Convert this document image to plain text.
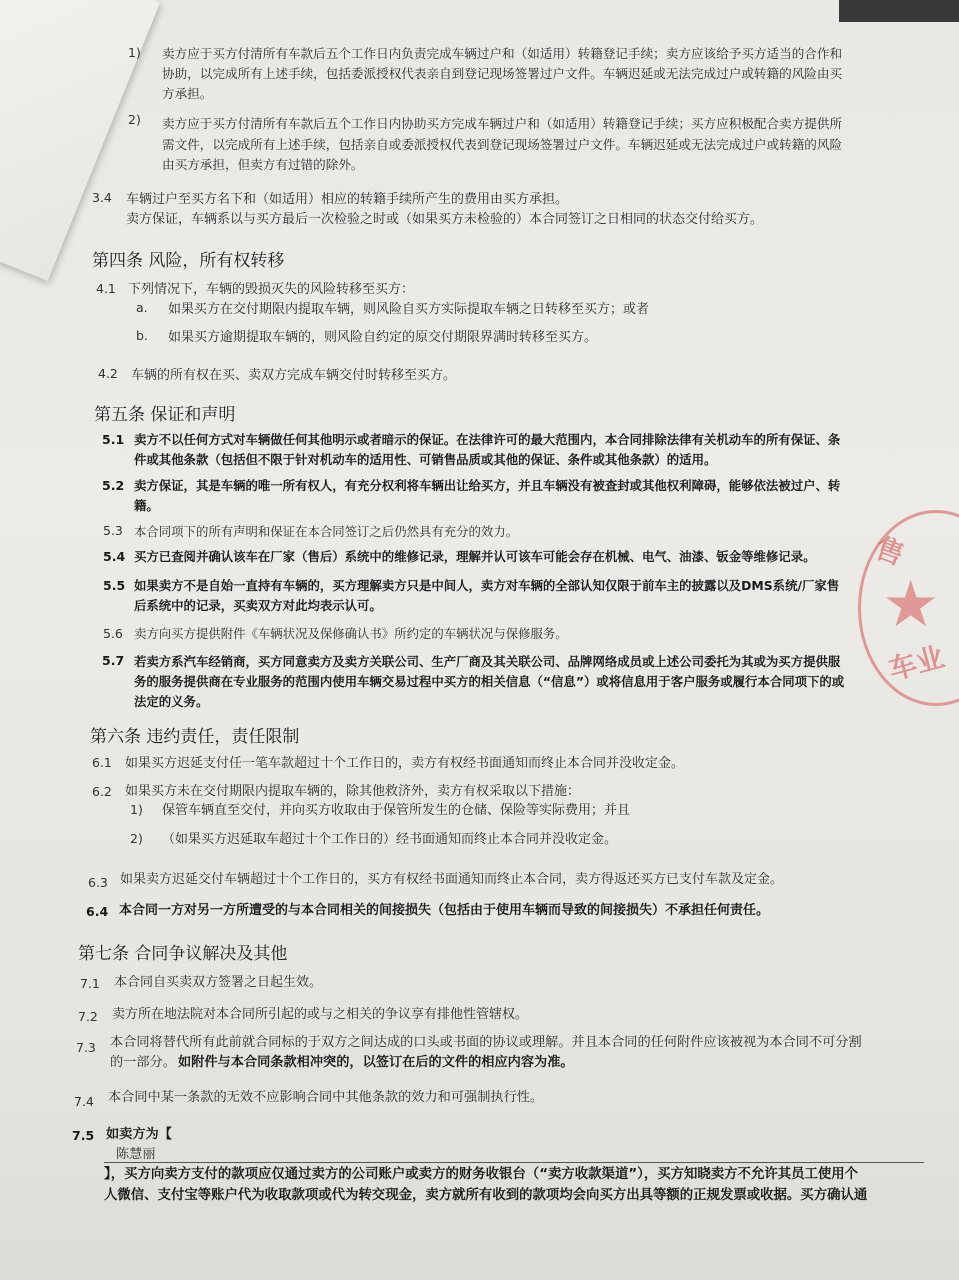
1) 卖方应于买方付清所有车款后五个工作日内负责完成车辆过户和（如适用）转籍登记手续；卖方应该给予买方适当的合作和
协助，以完成所有上述手续，包括委派授权代表亲自到登记现场签署过户文件。车辆迟延或无法完成过户或转籍的风险由买
方承担。
2) 卖方应于买方付清所有车款后五个工作日内协助买方完成车辆过户和（如适用）转籍登记手续；买方应积极配合卖方提供所
需文件，以完成所有上述手续，包括亲自或委派授权代表到登记现场签署过户文件。车辆迟延或无法完成过户或转籍的风险
由买方承担，但卖方有过错的除外。
3.4 车辆过户至买方名下和（如适用）相应的转籍手续所产生的费用由买方承担。
卖方保证，车辆系以与买方最后一次检验之时或（如果买方未检验的）本合同签订之日相同的状态交付给买方。
第四条 风险，所有权转移
4.1 下列情况下，车辆的毁损灭失的风险转移至买方：
a. 如果买方在交付期限内提取车辆，则风险自买方实际提取车辆之日转移至买方；或者
b. 如果买方逾期提取车辆的，则风险自约定的原交付期限界满时转移至买方。
4.2 车辆的所有权在买、卖双方完成车辆交付时转移至买方。
第五条 保证和声明
5.1 卖方不以任何方式对车辆做任何其他明示或者暗示的保证。在法律许可的最大范围内，本合同排除法律有关机动车的所有保证、条
件或其他条款（包括但不限于针对机动车的适用性、可销售品质或其他的保证、条件或其他条款）的适用。
5.2 卖方保证，其是车辆的唯一所有权人，有充分权利将车辆出让给买方，并且车辆没有被查封或其他权利障碍，能够依法被过户、转
籍。
5.3 本合同项下的所有声明和保证在本合同签订之后仍然具有充分的效力。
5.4 买方已查阅并确认该车在厂家（售后）系统中的维修记录，理解并认可该车可能会存在机械、电气、油漆、钣金等维修记录。
5.5 如果卖方不是自始一直持有车辆的，买方理解卖方只是中间人，卖方对车辆的全部认知仅限于前车主的披露以及DMS系统/厂家售
后系统中的记录，买卖双方对此均表示认可。
5.6 卖方向买方提供附件《车辆状况及保修确认书》所约定的车辆状况与保修服务。
5.7 若卖方系汽车经销商，买方同意卖方及卖方关联公司、生产厂商及其关联公司、品牌网络成员或上述公司委托为其或为买方提供服
务的服务提供商在专业服务的范围内使用车辆交易过程中买方的相关信息（“信息”）或将信息用于客户服务或履行本合同项下的或
法定的义务。
第六条 违约责任，责任限制
6.1 如果买方迟延支付任一笔车款超过十个工作日的，卖方有权经书面通知而终止本合同并没收定金。
6.2 如果买方未在交付期限内提取车辆的，除其他救济外，卖方有权采取以下措施：
1) 保管车辆直至交付，并向买方收取由于保管所发生的仓储、保险等实际费用；并且
2) （如果买方迟延取车超过十个工作日的）经书面通知而终止本合同并没收定金。
6.3 如果卖方迟延交付车辆超过十个工作日的，买方有权经书面通知而终止本合同，卖方得返还买方已支付车款及定金。
6.4 本合同一方对另一方所遭受的与本合同相关的间接损失（包括由于使用车辆而导致的间接损失）不承担任何责任。
第七条 合同争议解决及其他
7.1 本合同自买卖双方签署之日起生效。
7.2 卖方所在地法院对本合同所引起的或与之相关的争议享有排他性管辖权。
7.3 本合同将替代所有此前就合同标的于双方之间达成的口头或书面的协议或理解。并且本合同的任何附件应该被视为本合同不可分割
的一部分。 如附件与本合同条款相冲突的，以签订在后的文件的相应内容为准。
7.4 本合同中某一条款的无效不应影响合同中其他条款的效力和可强制执行性。
7.5 如卖方为【
陈慧丽
】，买方向卖方支付的款项应仅通过卖方的公司账户或卖方的财务收银台（“卖方收款渠道”），买方知晓卖方不允许其员工使用个
人微信、支付宝等账户代为收取款项或代为转交现金，卖方就所有收到的款项均会向买方出具等额的正规发票或收据。买方确认通
售
★
车业
